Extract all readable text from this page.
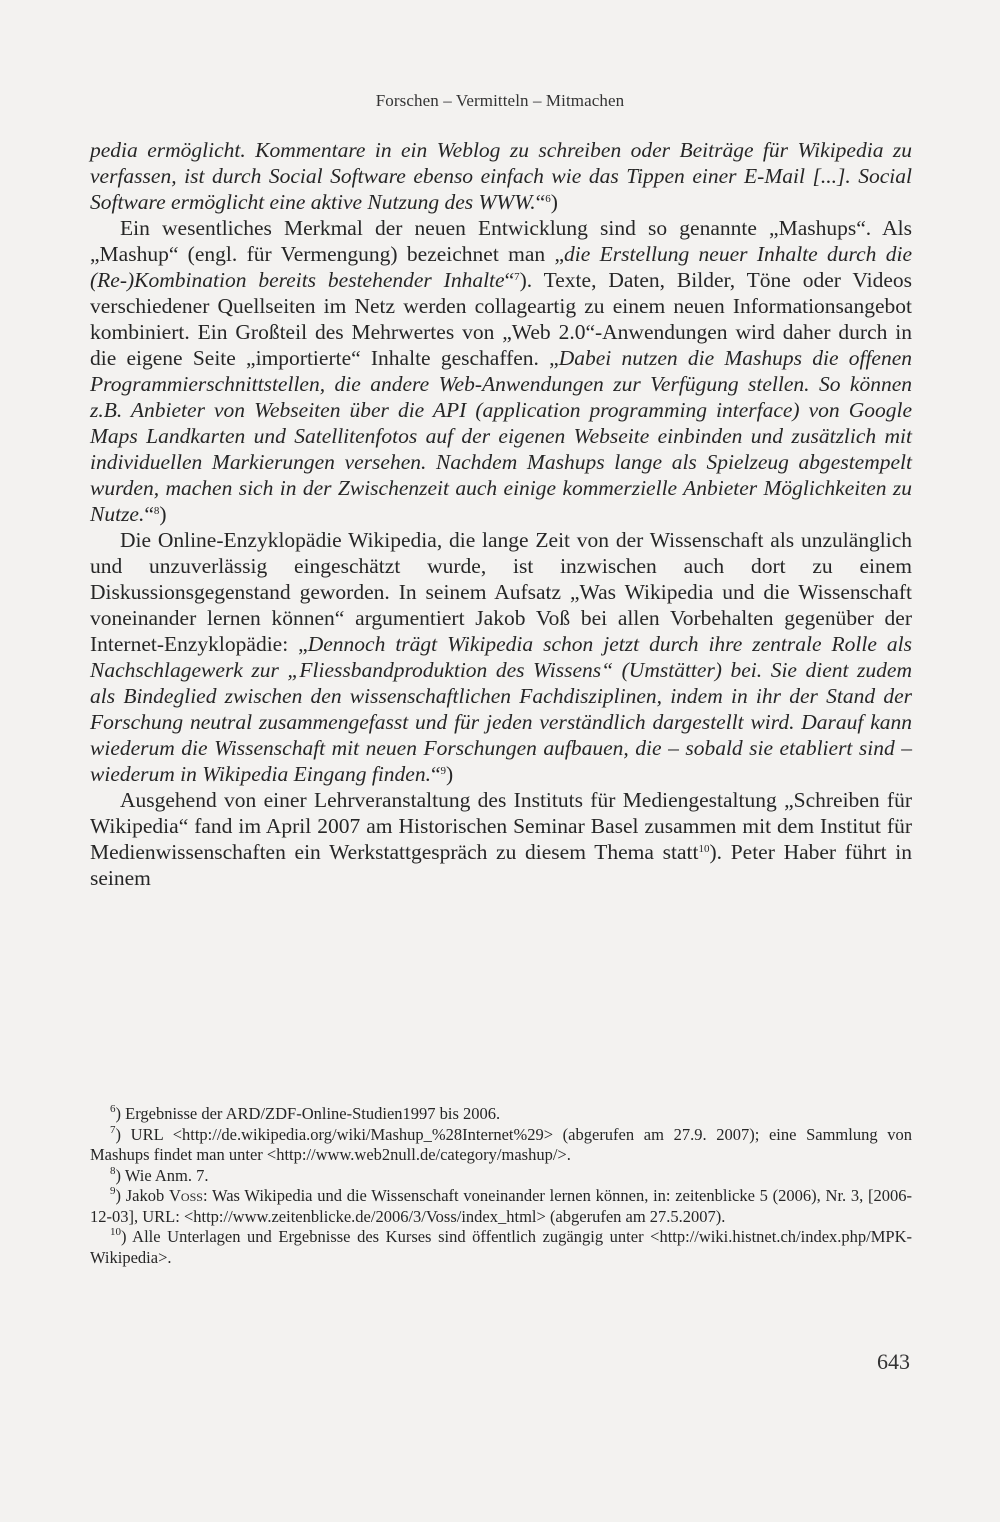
Forschen – Vermitteln – Mitmachen

pedia ermöglicht. Kommentare in ein Weblog zu schreiben oder Beiträge für Wikipedia zu verfassen, ist durch Social Software ebenso einfach wie das Tippen einer E-Mail [...]. Social Software ermöglicht eine aktive Nutzung des WWW.“$^6$)

Ein wesentliches Merkmal der neuen Entwicklung sind so genannte „Mashups“. Als „Mashup“ (engl. für Vermengung) bezeichnet man „die Erstellung neuer Inhalte durch die (Re-)Kombination bereits bestehender Inhalte“$^7$). Texte, Daten, Bilder, Töne oder Videos verschiedener Quellseiten im Netz werden collageartig zu einem neuen Informationsangebot kombiniert. Ein Großteil des Mehrwertes von „Web 2.0“-Anwendungen wird daher durch in die eigene Seite „importierte“ Inhalte geschaffen. „Dabei nutzen die Mashups die offenen Programmierschnittstellen, die andere Web-Anwendungen zur Verfügung stellen. So können z.B. Anbieter von Webseiten über die API (application programming interface) von Google Maps Landkarten und Satellitenfotos auf der eigenen Webseite einbinden und zusätzlich mit individuellen Markierungen versehen. Nachdem Mashups lange als Spielzeug abgestempelt wurden, machen sich in der Zwischenzeit auch einige kommerzielle Anbieter Möglichkeiten zu Nutze.“$^8$)

Die Online-Enzyklopädie Wikipedia, die lange Zeit von der Wissenschaft als unzulänglich und unzuverlässig eingeschätzt wurde, ist inzwischen auch dort zu einem Diskussionsgegenstand geworden. In seinem Aufsatz „Was Wikipedia und die Wissenschaft voneinander lernen können“ argumentiert Jakob Voß bei allen Vorbehalten gegenüber der Internet-Enzyklopädie: „Dennoch trägt Wikipedia schon jetzt durch ihre zentrale Rolle als Nachschlagewerk zur „Fliessbandproduktion des Wissens“ (Umstätter) bei. Sie dient zudem als Bindeglied zwischen den wissenschaftlichen Fachdisziplinen, indem in ihr der Stand der Forschung neutral zusammengefasst und für jeden verständlich dargestellt wird. Darauf kann wiederum die Wissenschaft mit neuen Forschungen aufbauen, die – sobald sie etabliert sind – wiederum in Wikipedia Eingang finden.“$^9$)

Ausgehend von einer Lehrveranstaltung des Instituts für Mediengestaltung „Schreiben für Wikipedia“ fand im April 2007 am Historischen Seminar Basel zusammen mit dem Institut für Medienwissenschaften ein Werkstattgespräch zu diesem Thema statt$^{10}$). Peter Haber führt in seinem

$^6$) Ergebnisse der ARD/ZDF-Online-Studien1997 bis 2006.

$^7$) URL <http://de.wikipedia.org/wiki/Mashup_%28Internet%29> (abgerufen am 27.9. 2007); eine Sammlung von Mashups findet man unter <http://www.web2null.de/category/mashup/>.

$^8$) Wie Anm. 7.

$^9$) Jakob Voss: Was Wikipedia und die Wissenschaft voneinander lernen können, in: zeitenblicke 5 (2006), Nr. 3, [2006-12-03], URL: <http://www.zeitenblicke.de/2006/3/Voss/index_html> (abgerufen am 27.5.2007).

$^{10}$) Alle Unterlagen und Ergebnisse des Kurses sind öffentlich zugängig unter <http://wiki.histnet.ch/index.php/MPK-Wikipedia>.

643
